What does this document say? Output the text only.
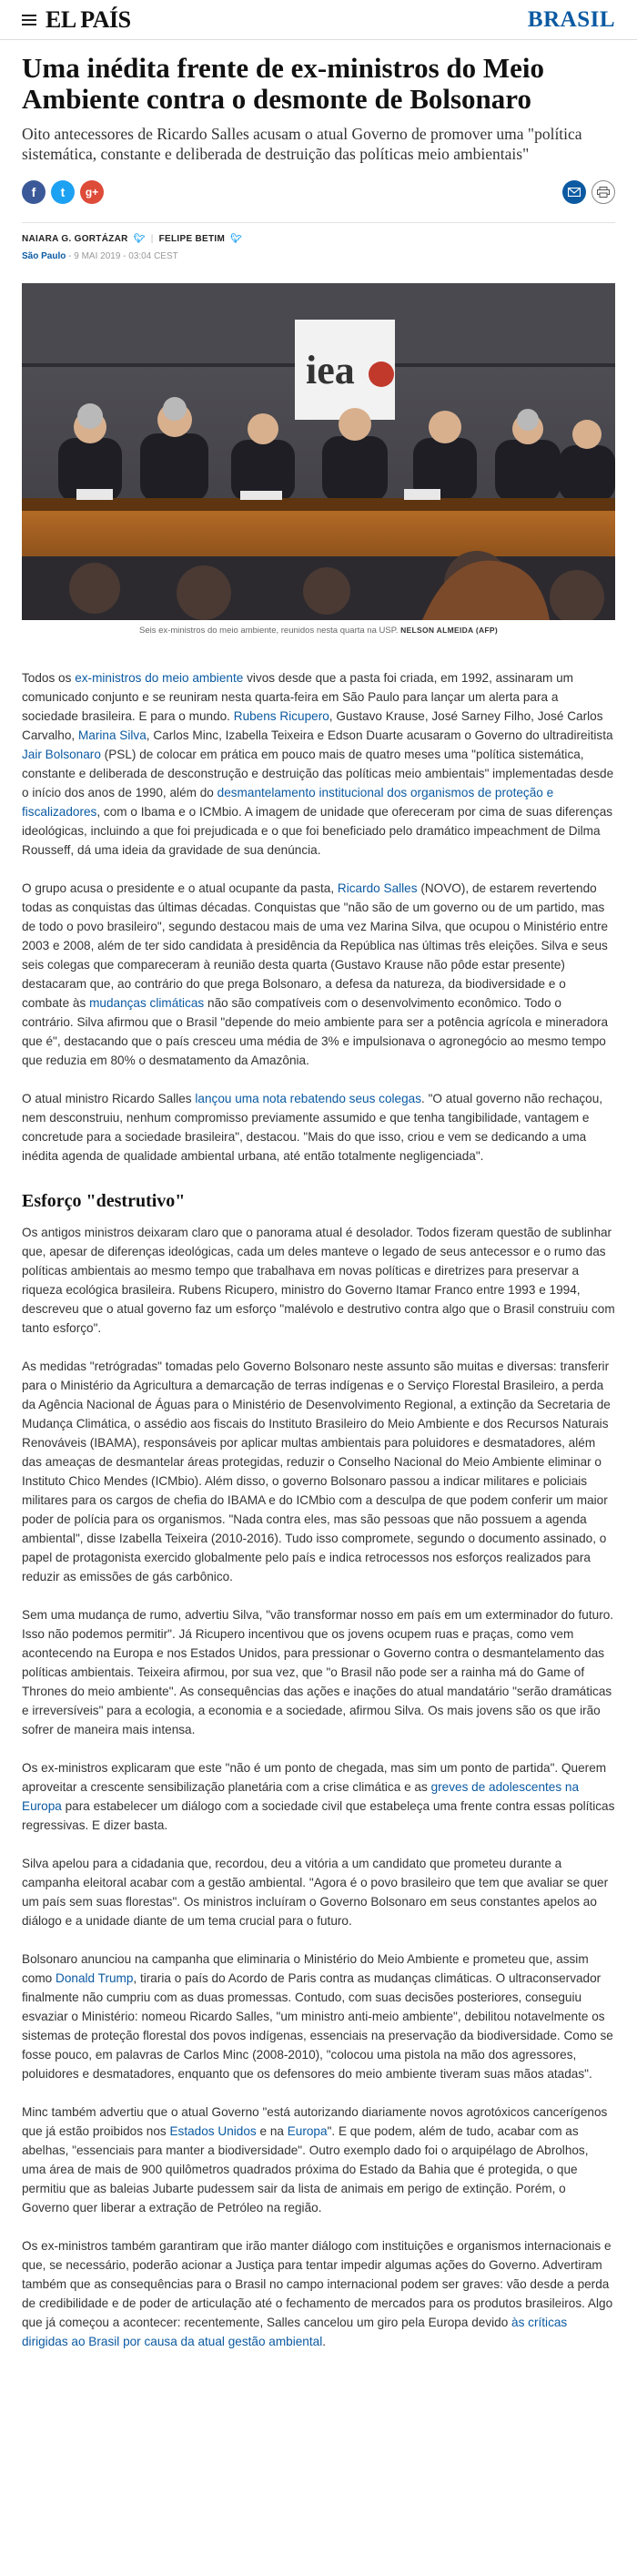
EL PAÍS	BRASIL
Uma inédita frente de ex-ministros do Meio Ambiente contra o desmonte de Bolsonaro

Oito antecessores de Ricardo Salles acusam o atual Governo de promover uma "política sistemática, constante e deliberada de destruição das políticas meio ambientais"

f t g+
NAIARA G. GORTÁZAR 🐦︎ | FELIPE BETIM 🐦︎
São Paulo - 9 MAI 2019 - 03:04 CEST
iea
Seis ex-ministros do meio ambiente, reunidos nesta quarta na USP. NELSON ALMEIDA (AFP)

Todos os ex-ministros do meio ambiente vivos desde que a pasta foi criada, em 1992, assinaram um comunicado conjunto e se reuniram nesta quarta-feira em São Paulo para lançar um alerta para a sociedade brasileira. E para o mundo. Rubens Ricupero, Gustavo Krause, José Sarney Filho, José Carlos Carvalho, Marina Silva, Carlos Minc, Izabella Teixeira e Edson Duarte acusaram o Governo do ultradireitista Jair Bolsonaro (PSL) de colocar em prática em pouco mais de quatro meses uma "política sistemática, constante e deliberada de desconstrução e destruição das políticas meio ambientais" implementadas desde o início dos anos de 1990, além do desmantelamento institucional dos organismos de proteção e fiscalizadores, com o Ibama e o ICMbio. A imagem de unidade que ofereceram por cima de suas diferenças ideológicas, incluindo a que foi prejudicada e o que foi beneficiado pelo dramático impeachment de Dilma Rousseff, dá uma ideia da gravidade de sua denúncia.

O grupo acusa o presidente e o atual ocupante da pasta, Ricardo Salles (NOVO), de estarem revertendo todas as conquistas das últimas décadas. Conquistas que "não são de um governo ou de um partido, mas de todo o povo brasileiro", segundo destacou mais de uma vez Marina Silva, que ocupou o Ministério entre 2003 e 2008, além de ter sido candidata à presidência da República nas últimas três eleições. Silva e seus seis colegas que compareceram à reunião desta quarta (Gustavo Krause não pôde estar presente) destacaram que, ao contrário do que prega Bolsonaro, a defesa da natureza, da biodiversidade e o combate às mudanças climáticas não são compatíveis com o desenvolvimento econômico. Todo o contrário. Silva afirmou que o Brasil "depende do meio ambiente para ser a potência agrícola e mineradora que é", destacando que o país cresceu uma média de 3% e impulsionava o agronegócio ao mesmo tempo que reduzia em 80% o desmatamento da Amazônia.

O atual ministro Ricardo Salles lançou uma nota rebatendo seus colegas. "O atual governo não rechaçou, nem desconstruiu, nenhum compromisso previamente assumido e que tenha tangibilidade, vantagem e concretude para a sociedade brasileira", destacou. "Mais do que isso, criou e vem se dedicando a uma inédita agenda de qualidade ambiental urbana, até então totalmente negligenciada".

Esforço "destrutivo"

Os antigos ministros deixaram claro que o panorama atual é desolador. Todos fizeram questão de sublinhar que, apesar de diferenças ideológicas, cada um deles manteve o legado de seus antecessor e o rumo das políticas ambientais ao mesmo tempo que trabalhava em novas políticas e diretrizes para preservar a riqueza ecológica brasileira. Rubens Ricupero, ministro do Governo Itamar Franco entre 1993 e 1994, descreveu que o atual governo faz um esforço "malévolo e destrutivo contra algo que o Brasil construiu com tanto esforço".

As medidas "retrógradas" tomadas pelo Governo Bolsonaro neste assunto são muitas e diversas: transferir para o Ministério da Agricultura a demarcação de terras indígenas e o Serviço Florestal Brasileiro, a perda da Agência Nacional de Águas para o Ministério de Desenvolvimento Regional, a extinção da Secretaria de Mudança Climática, o assédio aos fiscais do Instituto Brasileiro do Meio Ambiente e dos Recursos Naturais Renováveis (IBAMA), responsáveis por aplicar multas ambientais para poluidores e desmatadores, além das ameaças de desmantelar áreas protegidas, reduzir o Conselho Nacional do Meio Ambiente eliminar o Instituto Chico Mendes (ICMbio). Além disso, o governo Bolsonaro passou a indicar militares e policiais militares para os cargos de chefia do IBAMA e do ICMbio com a desculpa de que podem conferir um maior poder de polícia para os organismos. "Nada contra eles, mas são pessoas que não possuem a agenda ambiental", disse Izabella Teixeira (2010-2016). Tudo isso compromete, segundo o documento assinado, o papel de protagonista exercido globalmente pelo país e indica retrocessos nos esforços realizados para reduzir as emissões de gás carbônico.

Sem uma mudança de rumo, advertiu Silva, "vão transformar nosso em país em um exterminador do futuro. Isso não podemos permitir". Já Ricupero incentivou que os jovens ocupem ruas e praças, como vem acontecendo na Europa e nos Estados Unidos, para pressionar o Governo contra o desmantelamento das políticas ambientais. Teixeira afirmou, por sua vez, que "o Brasil não pode ser a rainha má do Game of Thrones do meio ambiente". As consequências das ações e inações do atual mandatário "serão dramáticas e irreversíveis" para a ecologia, a economia e a sociedade, afirmou Silva. Os mais jovens são os que irão sofrer de maneira mais intensa.

Os ex-ministros explicaram que este "não é um ponto de chegada, mas sim um ponto de partida". Querem aproveitar a crescente sensibilização planetária com a crise climática e as greves de adolescentes na Europa para estabelecer um diálogo com a sociedade civil que estabeleça uma frente contra essas políticas regressivas. E dizer basta.

Silva apelou para a cidadania que, recordou, deu a vitória a um candidato que prometeu durante a campanha eleitoral acabar com a gestão ambiental. "Agora é o povo brasileiro que tem que avaliar se quer um país sem suas florestas". Os ministros incluíram o Governo Bolsonaro em seus constantes apelos ao diálogo e a unidade diante de um tema crucial para o futuro.

Bolsonaro anunciou na campanha que eliminaria o Ministério do Meio Ambiente e prometeu que, assim como Donald Trump, tiraria o país do Acordo de Paris contra as mudanças climáticas. O ultraconservador finalmente não cumpriu com as duas promessas. Contudo, com suas decisões posteriores, conseguiu esvaziar o Ministério: nomeou Ricardo Salles, "um ministro anti-meio ambiente", debilitou notavelmente os sistemas de proteção florestal dos povos indígenas, essenciais na preservação da biodiversidade. Como se fosse pouco, em palavras de Carlos Minc (2008-2010), "colocou uma pistola na mão dos agressores, poluidores e desmatadores, enquanto que os defensores do meio ambiente tiveram suas mãos atadas".

Minc também advertiu que o atual Governo "está autorizando diariamente novos agrotóxicos cancerígenos que já estão proibidos nos Estados Unidos e na Europa". E que podem, além de tudo, acabar com as abelhas, "essenciais para manter a biodiversidade". Outro exemplo dado foi o arquipélago de Abrolhos, uma área de mais de 900 quilômetros quadrados próxima do Estado da Bahia que é protegida, o que permitiu que as baleias Jubarte pudessem sair da lista de animais em perigo de extinção. Porém, o Governo quer liberar a extração de Petróleo na região.

Os ex-ministros também garantiram que irão manter diálogo com instituições e organismos internacionais e que, se necessário, poderão acionar a Justiça para tentar impedir algumas ações do Governo. Advertiram também que as consequências para o Brasil no campo internacional podem ser graves: vão desde a perda de credibilidade e de poder de articulação até o fechamento de mercados para os produtos brasileiros. Algo que já começou a acontecer: recentemente, Salles cancelou um giro pela Europa devido às críticas dirigidas ao Brasil por causa da atual gestão ambiental.
